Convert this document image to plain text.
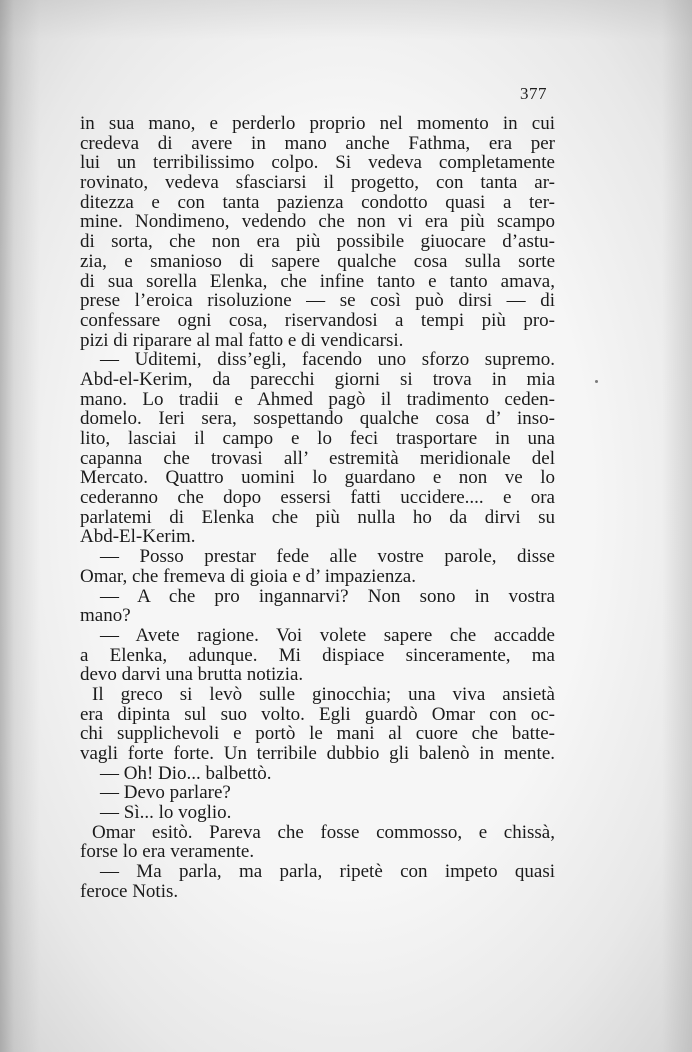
377
in sua mano, e perderlo proprio nel momento in cui
credeva di avere in mano anche Fathma, era per
lui un terribilissimo colpo. Si vedeva completamente
rovinato, vedeva sfasciarsi il progetto, con tanta ar-
ditezza e con tanta pazienza condotto quasi a ter-
mine. Nondimeno, vedendo che non vi era più scampo
di sorta, che non era più possibile giuocare d’astu-
zia, e smanioso di sapere qualche cosa sulla sorte
di sua sorella Elenka, che infine tanto e tanto amava,
prese l’eroica risoluzione — se così può dirsi — di
confessare ogni cosa, riservandosi a tempi più pro-
pizi di riparare al mal fatto e di vendicarsi.
— Uditemi, diss’egli, facendo uno sforzo supremo.
Abd-el-Kerim, da parecchi giorni si trova in mia
mano. Lo tradii e Ahmed pagò il tradimento ceden-
domelo. Ieri sera, sospettando qualche cosa d’ inso-
lito, lasciai il campo e lo feci trasportare in una
capanna che trovasi all’ estremità meridionale del
Mercato. Quattro uomini lo guardano e non ve lo
cederanno che dopo essersi fatti uccidere.... e ora
parlatemi di Elenka che più nulla ho da dirvi su
Abd-El-Kerim.
— Posso prestar fede alle vostre parole, disse
Omar, che fremeva di gioia e d’ impazienza.
— A che pro ingannarvi? Non sono in vostra
mano?
— Avete ragione. Voi volete sapere che accadde
a Elenka, adunque. Mi dispiace sinceramente, ma
devo darvi una brutta notizia.
Il greco si levò sulle ginocchia; una viva ansietà
era dipinta sul suo volto. Egli guardò Omar con oc-
chi supplichevoli e portò le mani al cuore che batte-
vagli forte forte. Un terribile dubbio gli balenò in mente.
— Oh! Dio... balbettò.
— Devo parlare?
— Sì... lo voglio.
Omar esitò. Pareva che fosse commosso, e chissà,
forse lo era veramente.
— Ma parla, ma parla, ripetè con impeto quasi
feroce Notis.
